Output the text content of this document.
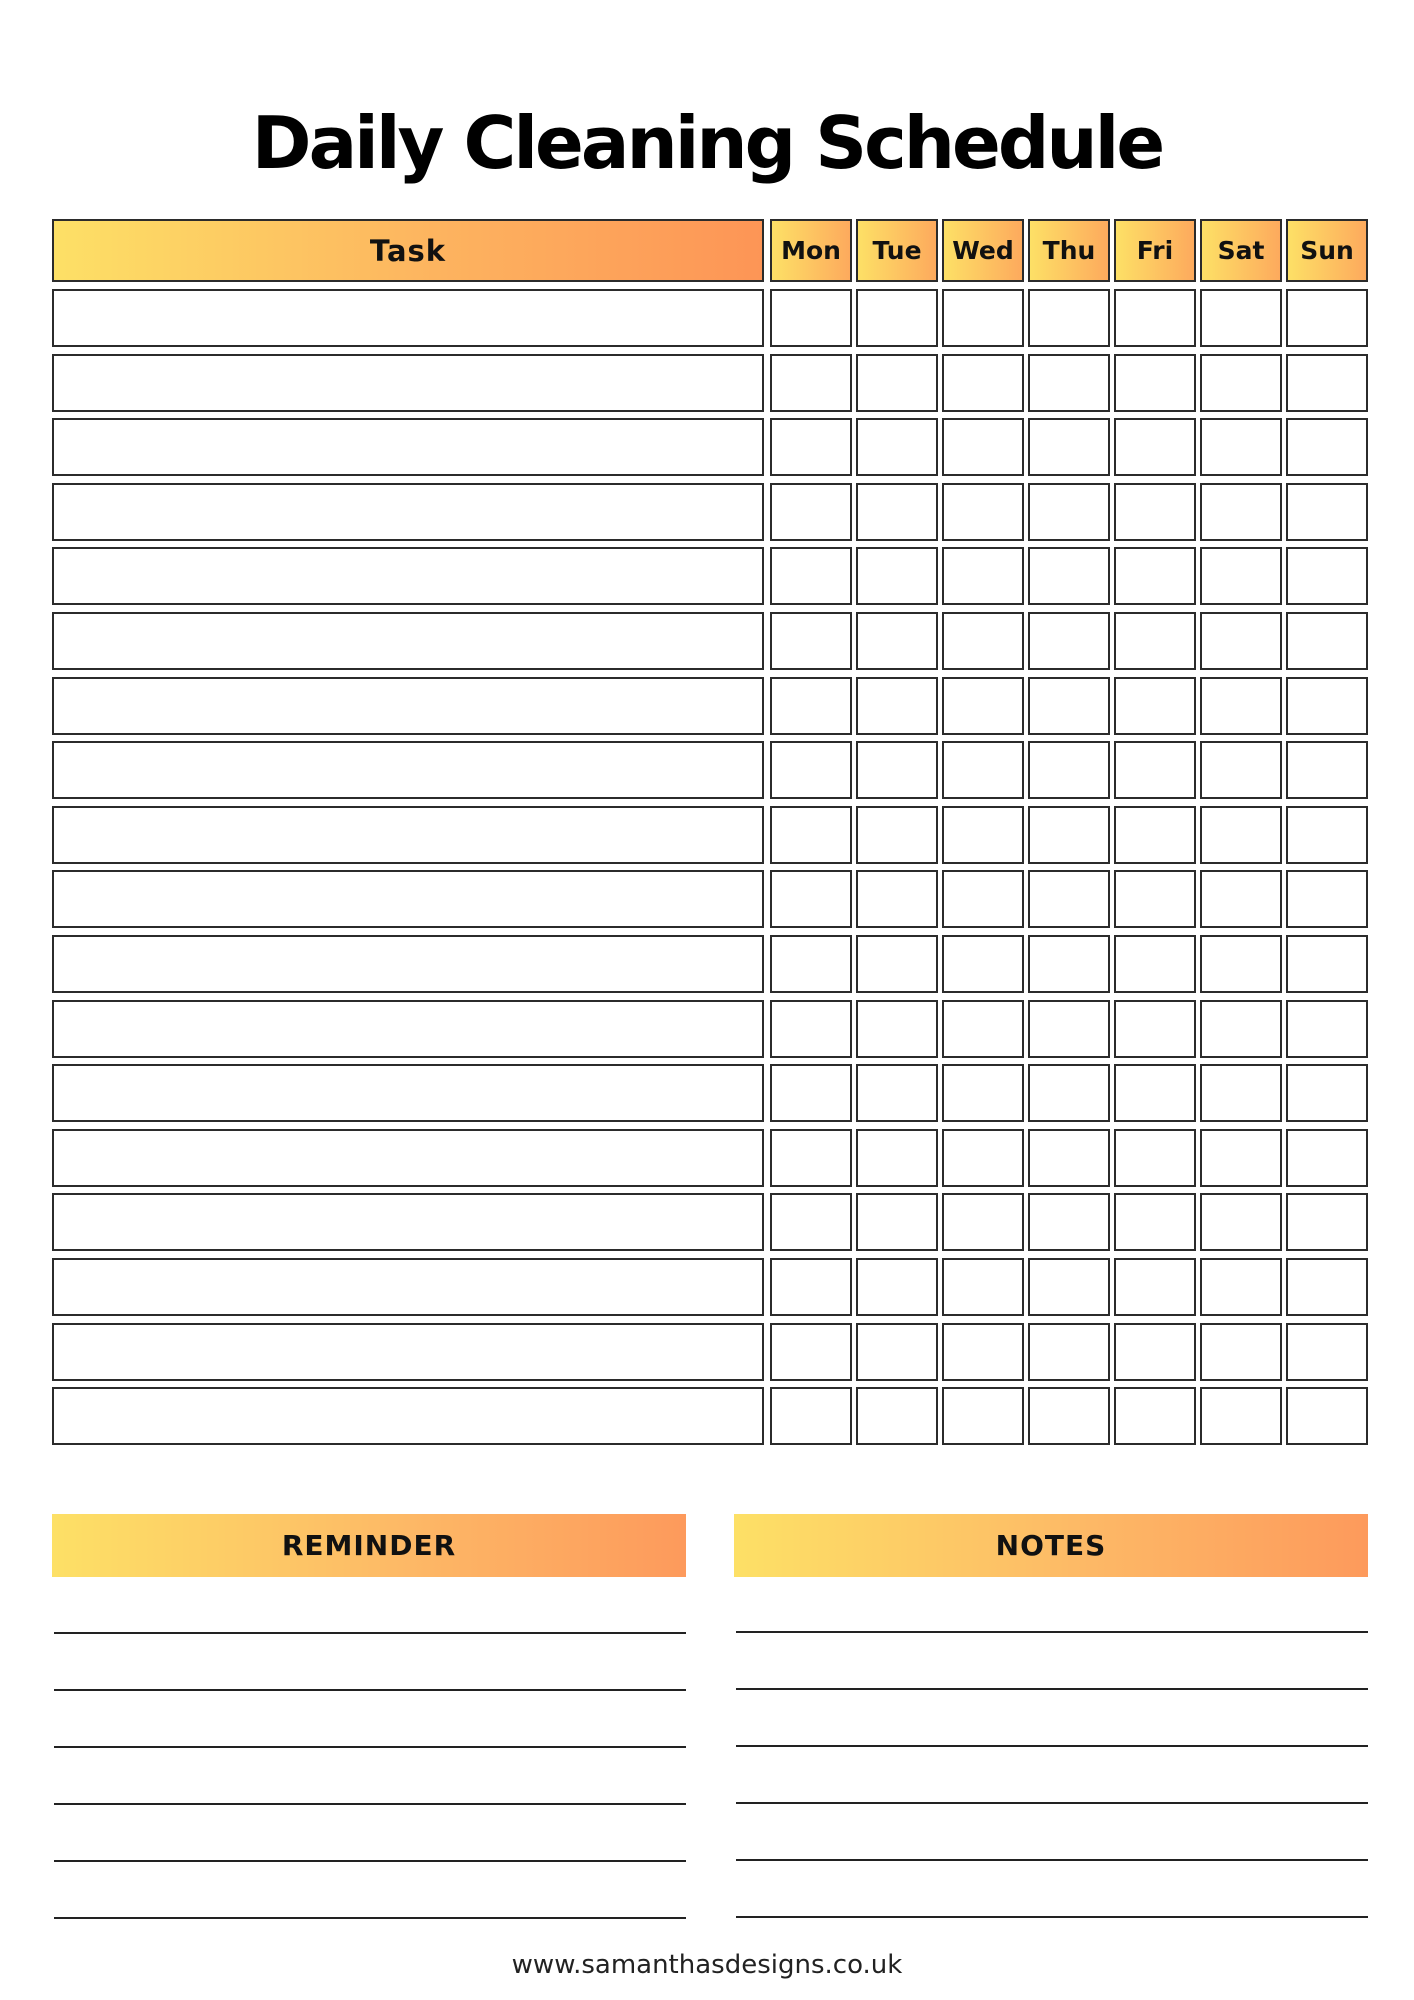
Daily Cleaning Schedule
Task	Mon	Tue	Wed	Thu	Fri	Sat	Sun
REMINDER	NOTES
www.samanthasdesigns.co.uk
